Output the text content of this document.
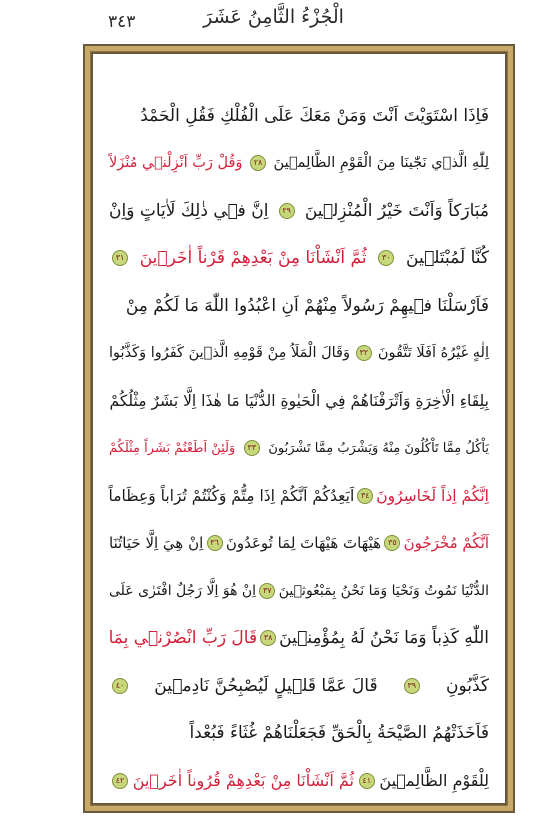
الْجُزْءُ الثَّامِنُ عَشَرَ
٣٤٣
فَاِذَا اسْتَوَيْتَ اَنْتَ وَمَنْ مَعَكَ عَلَى الْفُلْكِ فَقُلِ الْحَمْدُ
لِلّٰهِ الَّذ۪ي نَجّٰينَا مِنَ الْقَوْمِ الظَّالِم۪ينَ
٢٨
وَقُلْ رَبِّ اَنْزِلْن۪ي مُنْزَلاً
مُبَارَكاً وَاَنْتَ خَيْرُ الْمُنْزِل۪ينَ
٢٩
اِنَّ ف۪ي ذٰلِكَ لَاٰيَاتٍ وَاِنْ
كُنَّا لَمُبْتَل۪ينَ
٣٠
ثُمَّ اَنْشَاْنَا مِنْ بَعْدِهِمْ قَرْناً اٰخَر۪ينَ
٣١
فَاَرْسَلْنَا ف۪يهِمْ رَسُولاً مِنْهُمْ اَنِ اعْبُدُوا اللّٰهَ مَا لَكُمْ مِنْ
اِلٰهٍ غَيْرُهُ اَفَلَا تَتَّقُونَ
٣٢
وَقَالَ الْمَلَاُ مِنْ قَوْمِهِ الَّذ۪ينَ كَفَرُوا وَكَذَّبُوا
بِلِقَاءِ الْاٰخِرَةِ وَاَتْرَفْنَاهُمْ فِي الْحَيٰوةِ الدُّنْيَا مَا هٰذَا اِلَّا بَشَرٌ مِثْلُكُمْ
يَاْكُلُ مِمَّا تَاْكُلُونَ مِنْهُ وَيَشْرَبُ مِمَّا تَشْرَبُونَ
٣٣
وَلَئِنْ اَطَعْتُمْ بَشَراً مِثْلَكُمْ
اِنَّكُمْ اِذاً لَخَاسِرُونَ
٣٤
اَيَعِدُكُمْ اَنَّكُمْ اِذَا مِتُّمْ وَكُنْتُمْ تُرَاباً وَعِظَاماً
اَنَّكُمْ مُخْرَجُونَ
٣٥
هَيْهَاتَ هَيْهَاتَ لِمَا تُوعَدُونَ
٣٦
اِنْ هِيَ اِلَّا حَيَاتُنَا
الدُّنْيَا نَمُوتُ وَنَحْيَا وَمَا نَحْنُ بِمَبْعُوث۪ينَ
٣٧
اِنْ هُوَ اِلَّا رَجُلٌ افْتَرٰى عَلَى
اللّٰهِ كَذِباً وَمَا نَحْنُ لَهُ بِمُؤْمِن۪ينَ
٣٨
قَالَ رَبِّ انْصُرْن۪ي بِمَا
كَذَّبُونِ
٣٩
قَالَ عَمَّا قَل۪يلٍ لَيُصْبِحُنَّ نَادِم۪ينَ
٤٠
فَاَخَذَتْهُمُ الصَّيْحَةُ بِالْحَقِّ فَجَعَلْنَاهُمْ غُثَاءً فَبُعْداً
لِلْقَوْمِ الظَّالِم۪ينَ
٤١
ثُمَّ اَنْشَاْنَا مِنْ بَعْدِهِمْ قُرُوناً اٰخَر۪ينَ
٤٢
